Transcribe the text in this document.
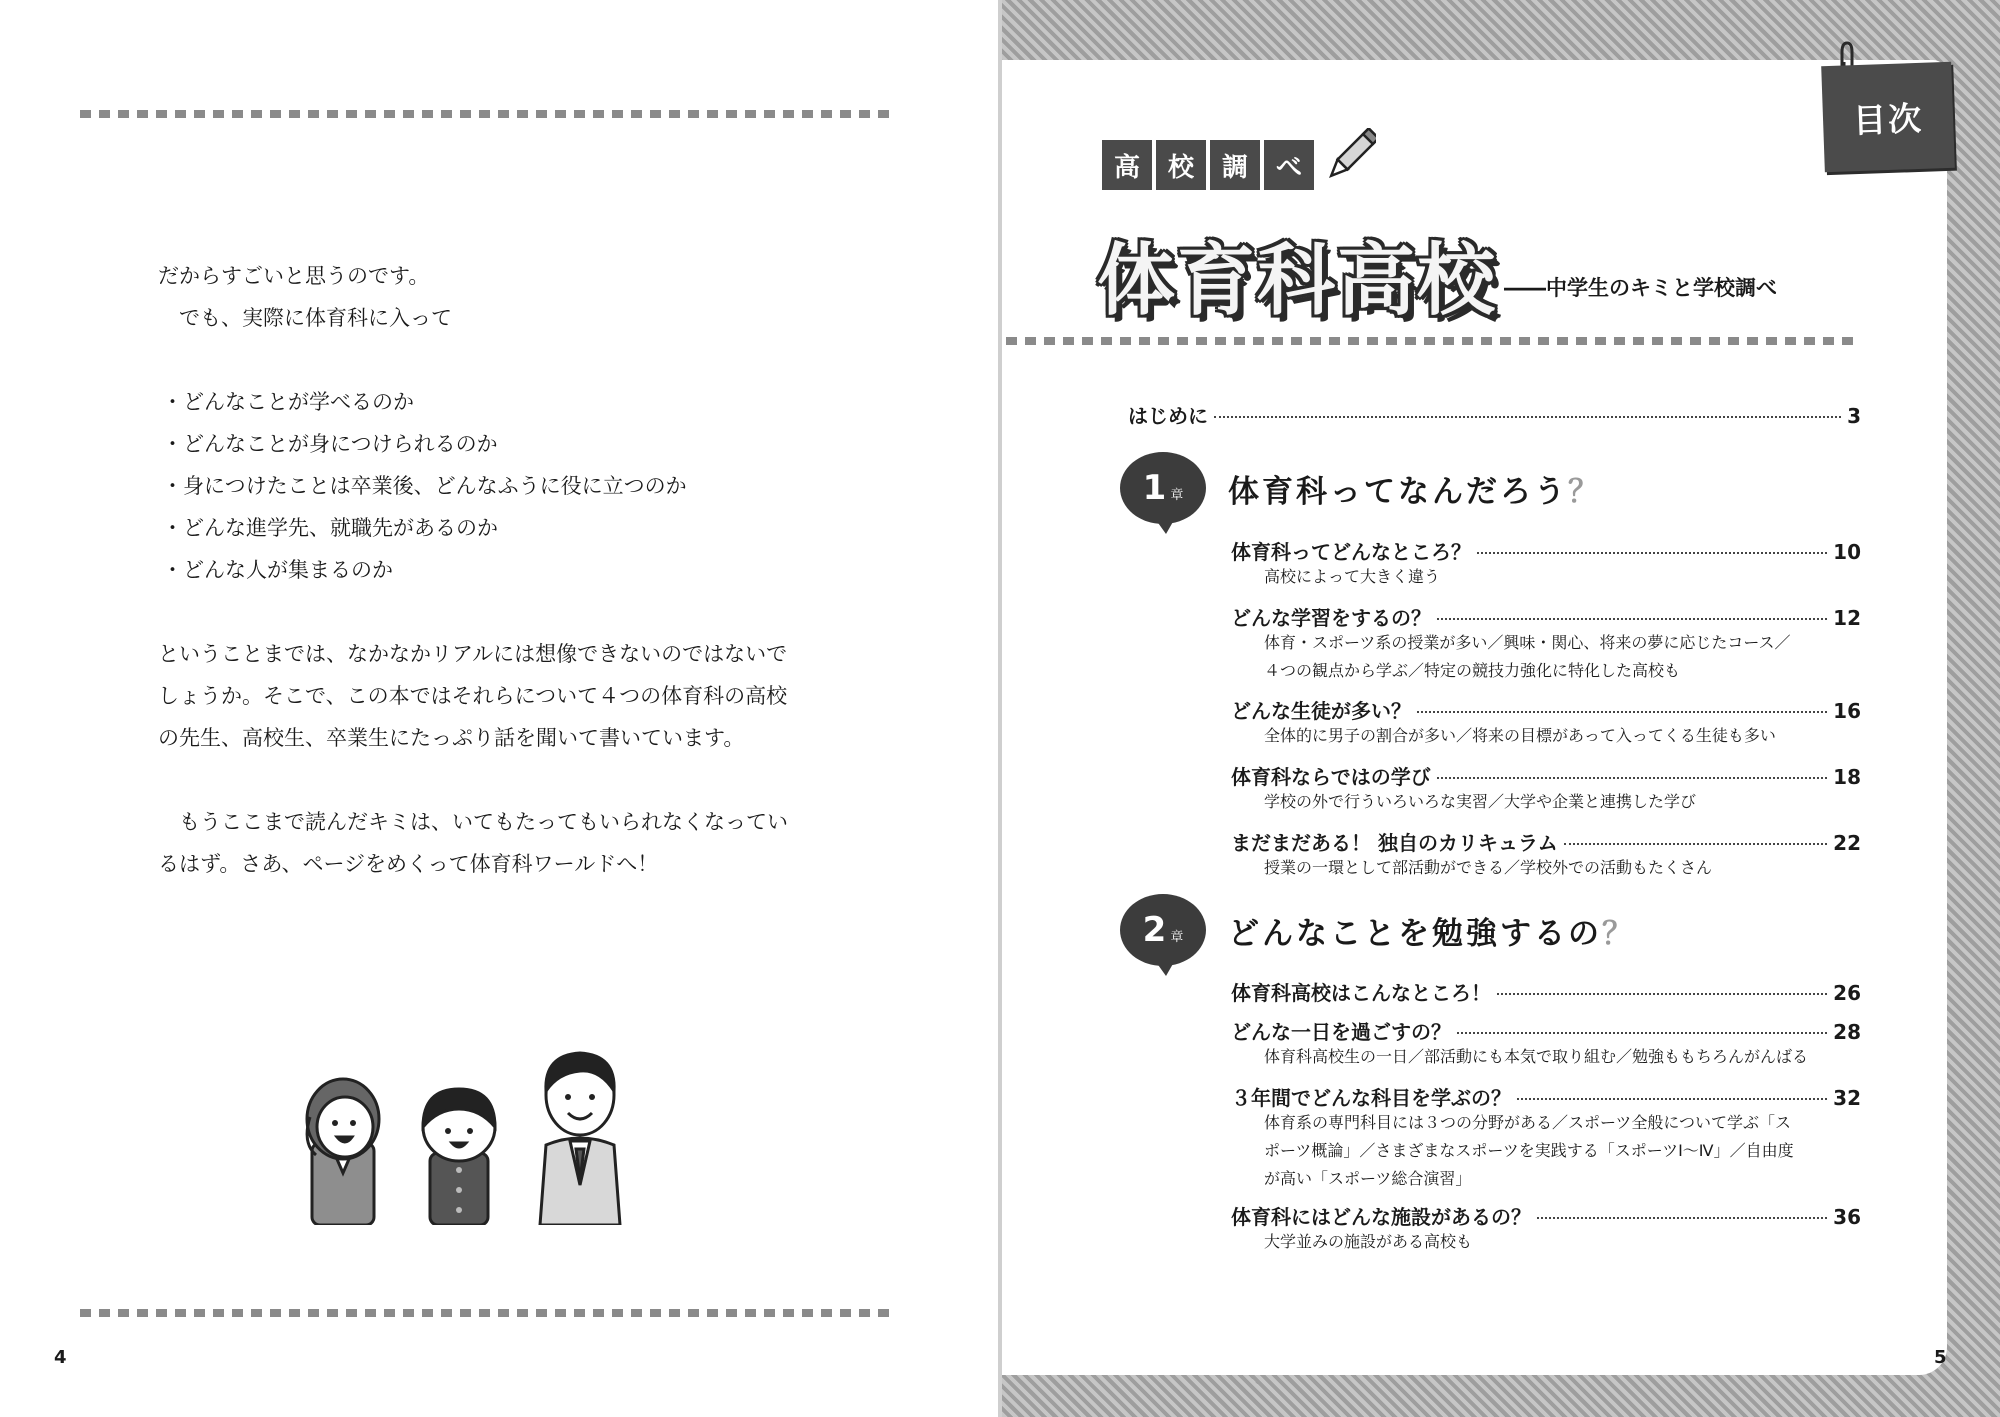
だからすごいと思うのです。

　でも、実際に体育科に入って

・どんなことが学べるのか

・どんなことが身につけられるのか

・身につけたことは卒業後、どんなふうに役に立つのか

・どんな進学先、就職先があるのか

・どんな人が集まるのか

ということまでは、なかなかリアルには想像できないのではないで

しょうか。そこで、この本ではそれらについて４つの体育科の高校

の先生、高校生、卒業生にたっぷり話を聞いて書いています。

　もうここまで読んだキミは、いてもたってもいられなくなってい

るはず。さあ、ページをめくって体育科ワールドへ！

4
目次
高	校	調	べ
体育科高校 ――中学生のキミと学校調べ
はじめに	3
1 章 体育科ってなんだろう？
体育科ってどんなところ？	10
高校によって大きく違う
どんな学習をするの？	12
体育・スポーツ系の授業が多い／興味・関心、将来の夢に応じたコース／
４つの観点から学ぶ／特定の競技力強化に特化した高校も
どんな生徒が多い？	16
全体的に男子の割合が多い／将来の目標があって入ってくる生徒も多い
体育科ならではの学び	18
学校の外で行ういろいろな実習／大学や企業と連携した学び
まだまだある！ 独自のカリキュラム	22
授業の一環として部活動ができる／学校外での活動もたくさん
2 章 どんなことを勉強するの？
体育科高校はこんなところ！	26
どんな一日を過ごすの？	28
体育科高校生の一日／部活動にも本気で取り組む／勉強ももちろんがんばる
３年間でどんな科目を学ぶの？	32
体育系の専門科目には３つの分野がある／スポーツ全般について学ぶ「ス
ポーツ概論」／さまざまなスポーツを実践する「スポーツⅠ～Ⅳ」／自由度
が高い「スポーツ総合演習」
体育科にはどんな施設があるの？	36
大学並みの施設がある高校も
5
